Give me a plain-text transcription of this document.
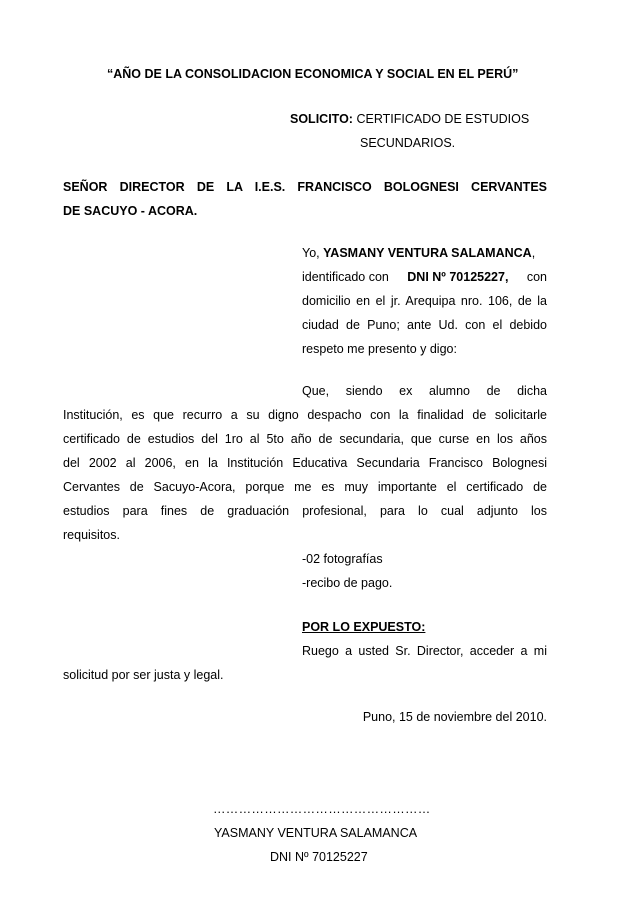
“AÑO DE LA CONSOLIDACION ECONOMICA Y SOCIAL EN EL PERÚ”

SOLICITO: CERTIFICADO DE ESTUDIOS

SECUNDARIOS.

SEÑOR DIRECTOR DE LA I.E.S. FRANCISCO BOLOGNESI CERVANTES

DE SACUYO - ACORA.

Yo, YASMANY VENTURA SALAMANCA,

identificado con DNI Nº 70125227, con

domicilio en el jr. Arequipa nro. 106, de la

ciudad de Puno; ante Ud. con el debido

respeto me presento y digo:

Que, siendo ex alumno de dicha

Institución, es que recurro a su digno despacho con la finalidad de solicitarle

certificado de estudios del 1ro al 5to año de secundaria, que curse en los años

del 2002 al 2006, en la Institución Educativa Secundaria Francisco Bolognesi

Cervantes de Sacuyo-Acora, porque me es muy importante el certificado de

estudios para fines de graduación profesional, para lo cual adjunto los

requisitos.

-02 fotografías

-recibo de pago.

POR LO EXPUESTO:

Ruego a usted Sr. Director, acceder a mi

solicitud por ser justa y legal.

Puno, 15 de noviembre del 2010.

……………………………………………

YASMANY VENTURA SALAMANCA

DNI Nº 70125227
